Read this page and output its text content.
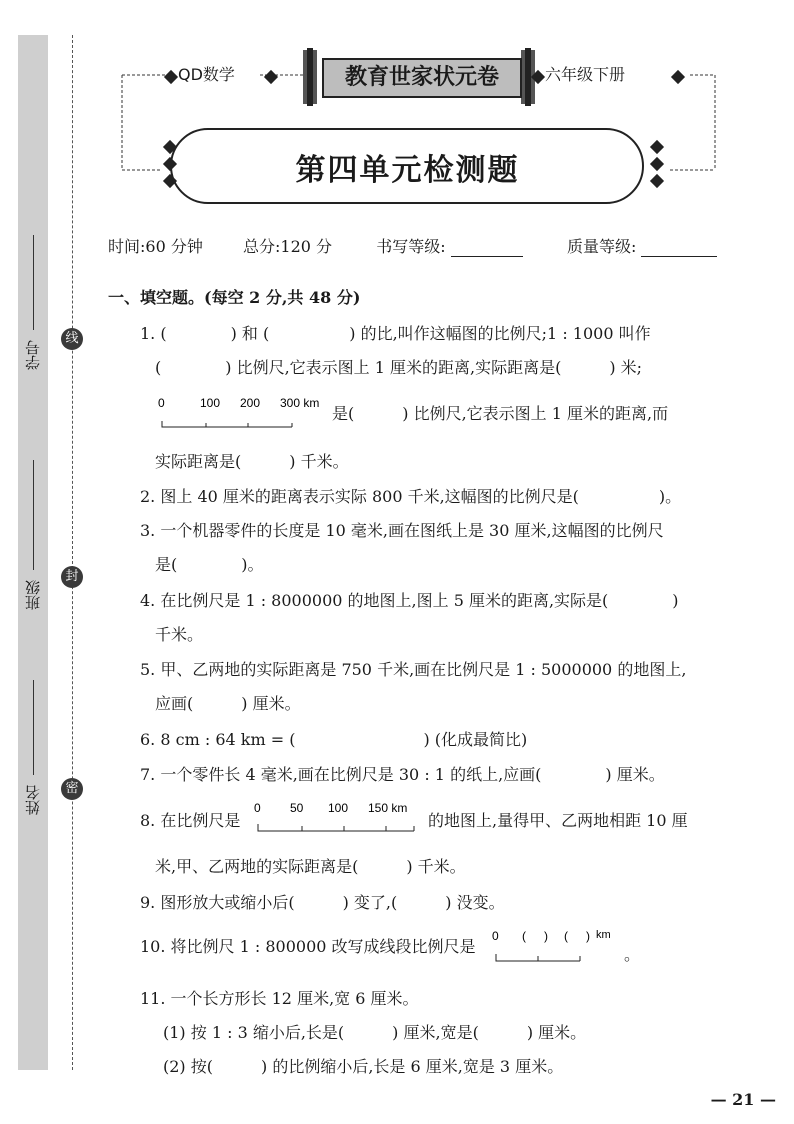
学号
班级
姓名
线
封
密
QD数学	六年级下册
教育世家状元卷
第四单元检测题
时间:60 分钟	总分:120 分	书写等级:	质量等级:
一、填空题。(每空 2 分,共 48 分)
1. (　　　　) 和 (　　　　　) 的比,叫作这幅图的比例尺;1 : 1000 叫作
(　　　　) 比例尺,它表示图上 1 厘米的距离,实际距离是(　　　) 米;
0	100 200 300 km
是(　　　) 比例尺,它表示图上 1 厘米的距离,而
实际距离是(　　　) 千米。
2. 图上 40 厘米的距离表示实际 800 千米,这幅图的比例尺是(　　　　　)。
3. 一个机器零件的长度是 10 毫米,画在图纸上是 30 厘米,这幅图的比例尺
是(　　　　)。
4. 在比例尺是 1 : 8000000 的地图上,图上 5 厘米的距离,实际是(　　　　)
千米。
5. 甲、乙两地的实际距离是 750 千米,画在比例尺是 1 : 5000000 的地图上,
应画(　　　) 厘米。
6. 8 cm : 64 km = (　　　　　　　　) (化成最简比)
7. 一个零件长 4 毫米,画在比例尺是 30 : 1 的纸上,应画(　　　　) 厘米。
8. 在比例尺是
0 50 100 150 km
的地图上,量得甲、乙两地相距 10 厘
米,甲、乙两地的实际距离是(　　　) 千米。
9. 图形放大或缩小后(　　　) 变了,(　　　) 没变。
10. 将比例尺 1 : 800000 改写成线段比例尺是
0 ( ) ( ) km
。
11. 一个长方形长 12 厘米,宽 6 厘米。
(1) 按 1 : 3 缩小后,长是(　　　) 厘米,宽是(　　　) 厘米。
(2) 按(　　　) 的比例缩小后,长是 6 厘米,宽是 3 厘米。
— 21 —
